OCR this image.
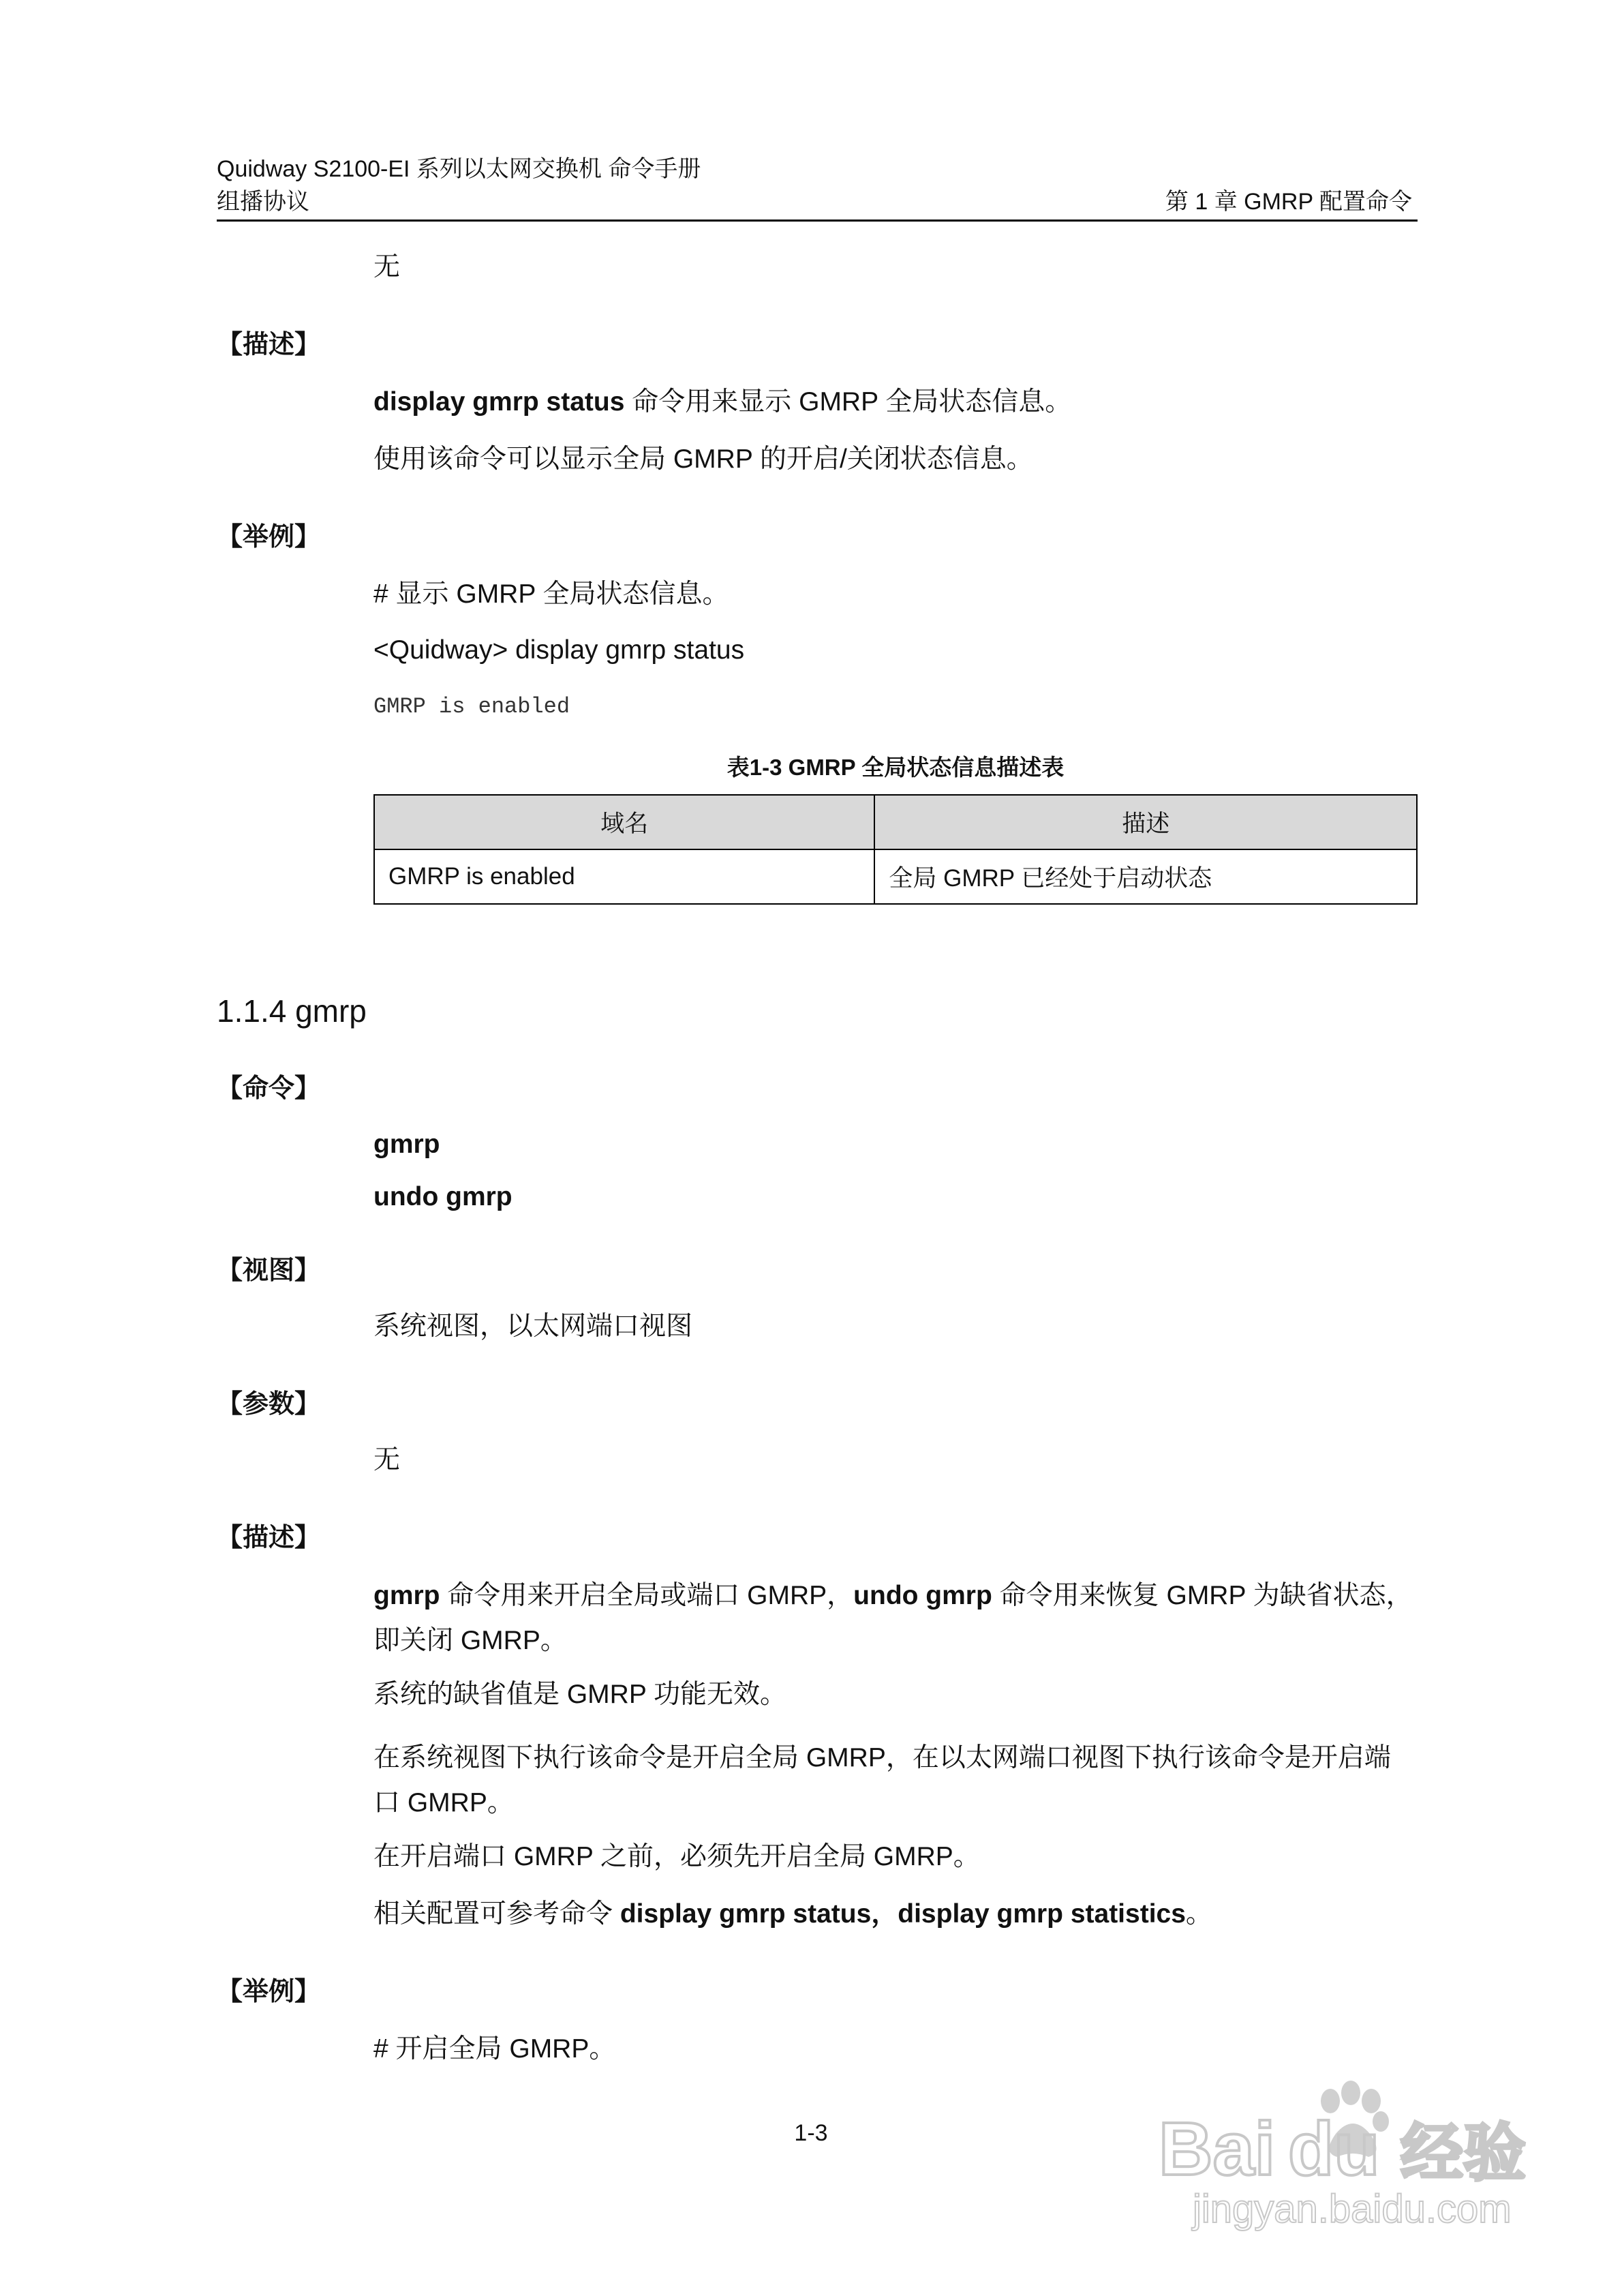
Quidway S2100-EI 系列以太网交换机 命令手册
组播协议	第 1 章 GMRP 配置命令
无
【描述】
display gmrp status 命令用来显示 GMRP 全局状态信息。
使用该命令可以显示全局 GMRP 的开启/关闭状态信息。
【举例】
# 显示 GMRP 全局状态信息。
<Quidway> display gmrp status
GMRP is enabled
表1-3 GMRP 全局状态信息描述表
域名	描述
GMRP is enabled	全局 GMRP 已经处于启动状态
1.1.4 gmrp
【命令】
gmrp
undo gmrp
【视图】
系统视图，以太网端口视图
【参数】
无
【描述】
gmrp 命令用来开启全局或端口 GMRP，undo gmrp 命令用来恢复 GMRP 为缺省状态，即关闭 GMRP。
系统的缺省值是 GMRP 功能无效。
在系统视图下执行该命令是开启全局 GMRP，在以太网端口视图下执行该命令是开启端口 GMRP。
在开启端口 GMRP 之前，必须先开启全局 GMRP。
相关配置可参考命令 display gmrp status，display gmrp statistics。
【举例】
# 开启全局 GMRP。
1-3	Bai du 经验
jingyan.baidu.com
